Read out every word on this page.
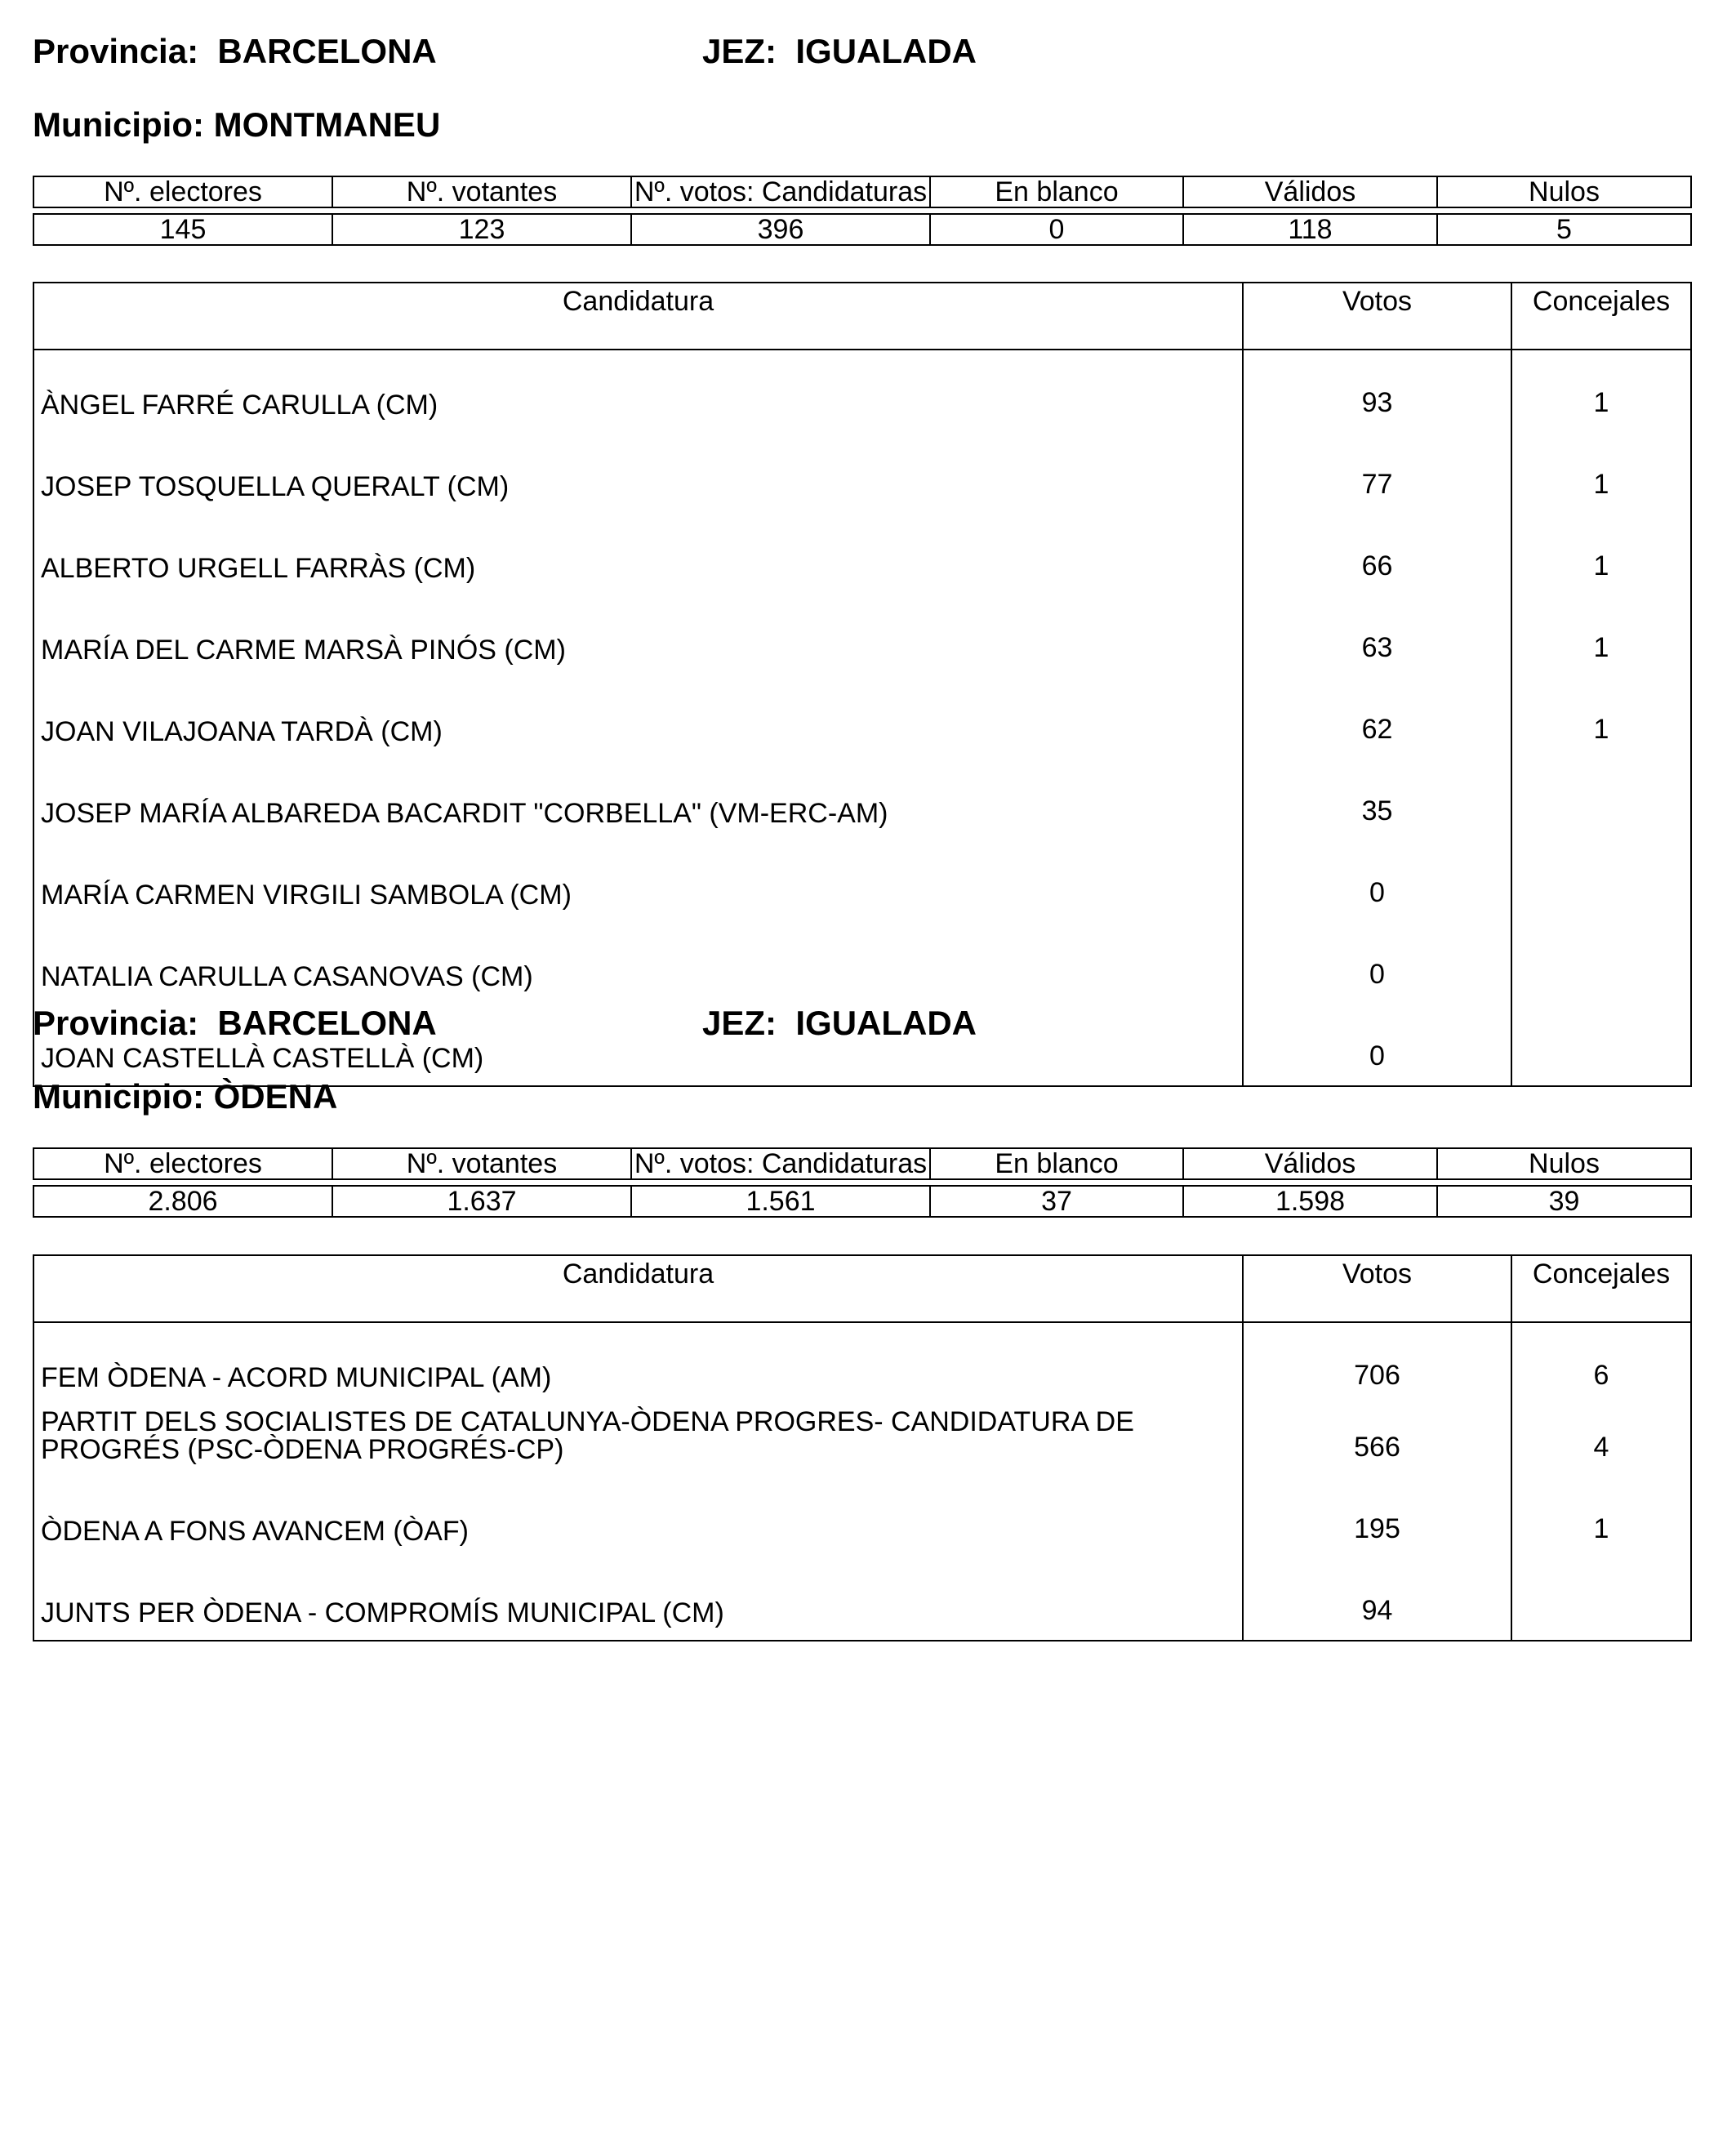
Provincia: BARCELONA	JEZ: IGUALADA
Municipio: MONTMANEU
Nº. electores	Nº. votantes	Nº. votos: Candidaturas	En blanco	Válidos	Nulos

145	123	396	0	118	5
Candidatura	Votos	Concejales
ÀNGEL FARRÉ CARULLA (CM)	93	1
JOSEP TOSQUELLA QUERALT (CM)	77	1
ALBERTO URGELL FARRÀS (CM)	66	1
MARÍA DEL CARME MARSÀ PINÓS (CM)	63	1
JOAN VILAJOANA TARDÀ (CM)	62	1
JOSEP MARÍA ALBAREDA BACARDIT "CORBELLA" (VM-ERC-AM)	35	
MARÍA CARMEN VIRGILI SAMBOLA (CM)	0	
NATALIA CARULLA CASANOVAS (CM)	0	
JOAN CASTELLÀ CASTELLÀ (CM)	0	
Provincia: BARCELONA	JEZ: IGUALADA
Municipio: ÒDENA
Nº. electores	Nº. votantes	Nº. votos: Candidaturas	En blanco	Válidos	Nulos

2.806	1.637	1.561	37	1.598	39
Candidatura	Votos	Concejales
FEM ÒDENA - ACORD MUNICIPAL (AM)	706	6
PARTIT DELS SOCIALISTES DE CATALUNYA-ÒDENA PROGRES- CANDIDATURA DE PROGRÉS (PSC-ÒDENA PROGRÉS-CP)	566	4
ÒDENA A FONS AVANCEM (ÒAF)	195	1
JUNTS PER ÒDENA - COMPROMÍS MUNICIPAL (CM)	94	
